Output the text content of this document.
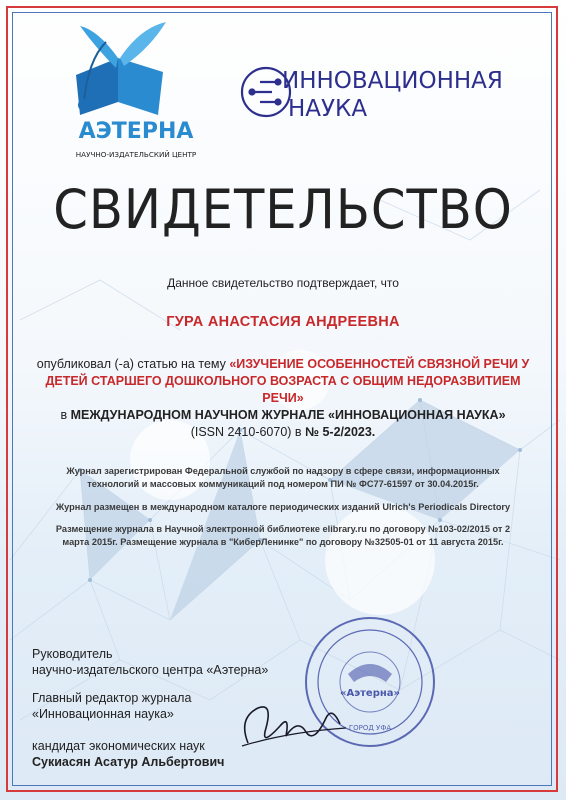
АЭТЕРНА
НАУЧНО-ИЗДАТЕЛЬСКИЙ ЦЕНТР
ИННОВАЦИОННАЯ
НАУКА
СВИДЕТЕЛЬСТВО
Данное свидетельство подтверждает, что
ГУРА АНАСТАСИЯ АНДРЕЕВНА
опубликовал (-а) статью на тему «ИЗУЧЕНИЕ ОСОБЕННОСТЕЙ СВЯЗНОЙ РЕЧИ У ДЕТЕЙ СТАРШЕГО ДОШКОЛЬНОГО ВОЗРАСТА С ОБЩИМ НЕДОРАЗВИТИЕМ РЕЧИ»
в МЕЖДУНАРОДНОМ НАУЧНОМ ЖУРНАЛЕ «ИННОВАЦИОННАЯ НАУКА»
(ISSN 2410-6070) в № 5-2/2023.
Журнал зарегистрирован Федеральной службой по надзору в сфере связи, информационных технологий и массовых коммуникаций под номером ПИ № ФС77-61597 от 30.04.2015г.
Журнал размещен в международном каталоге периодических изданий Ulrich's Periodicals Directory
Размещение журнала в Научной электронной библиотеке elibrary.ru по договору №103-02/2015 от 2 марта 2015г. Размещение журнала в "КиберЛенинке" по договору №32505-01 от 11 августа 2015г.
«Аэтерна»
ГОРОД УФА
Руководитель
научно-издательского центра «Аэтерна»
Главный редактор журнала
«Инновационная наука»
кандидат экономических наук
Сукиасян Асатур Альбертович
